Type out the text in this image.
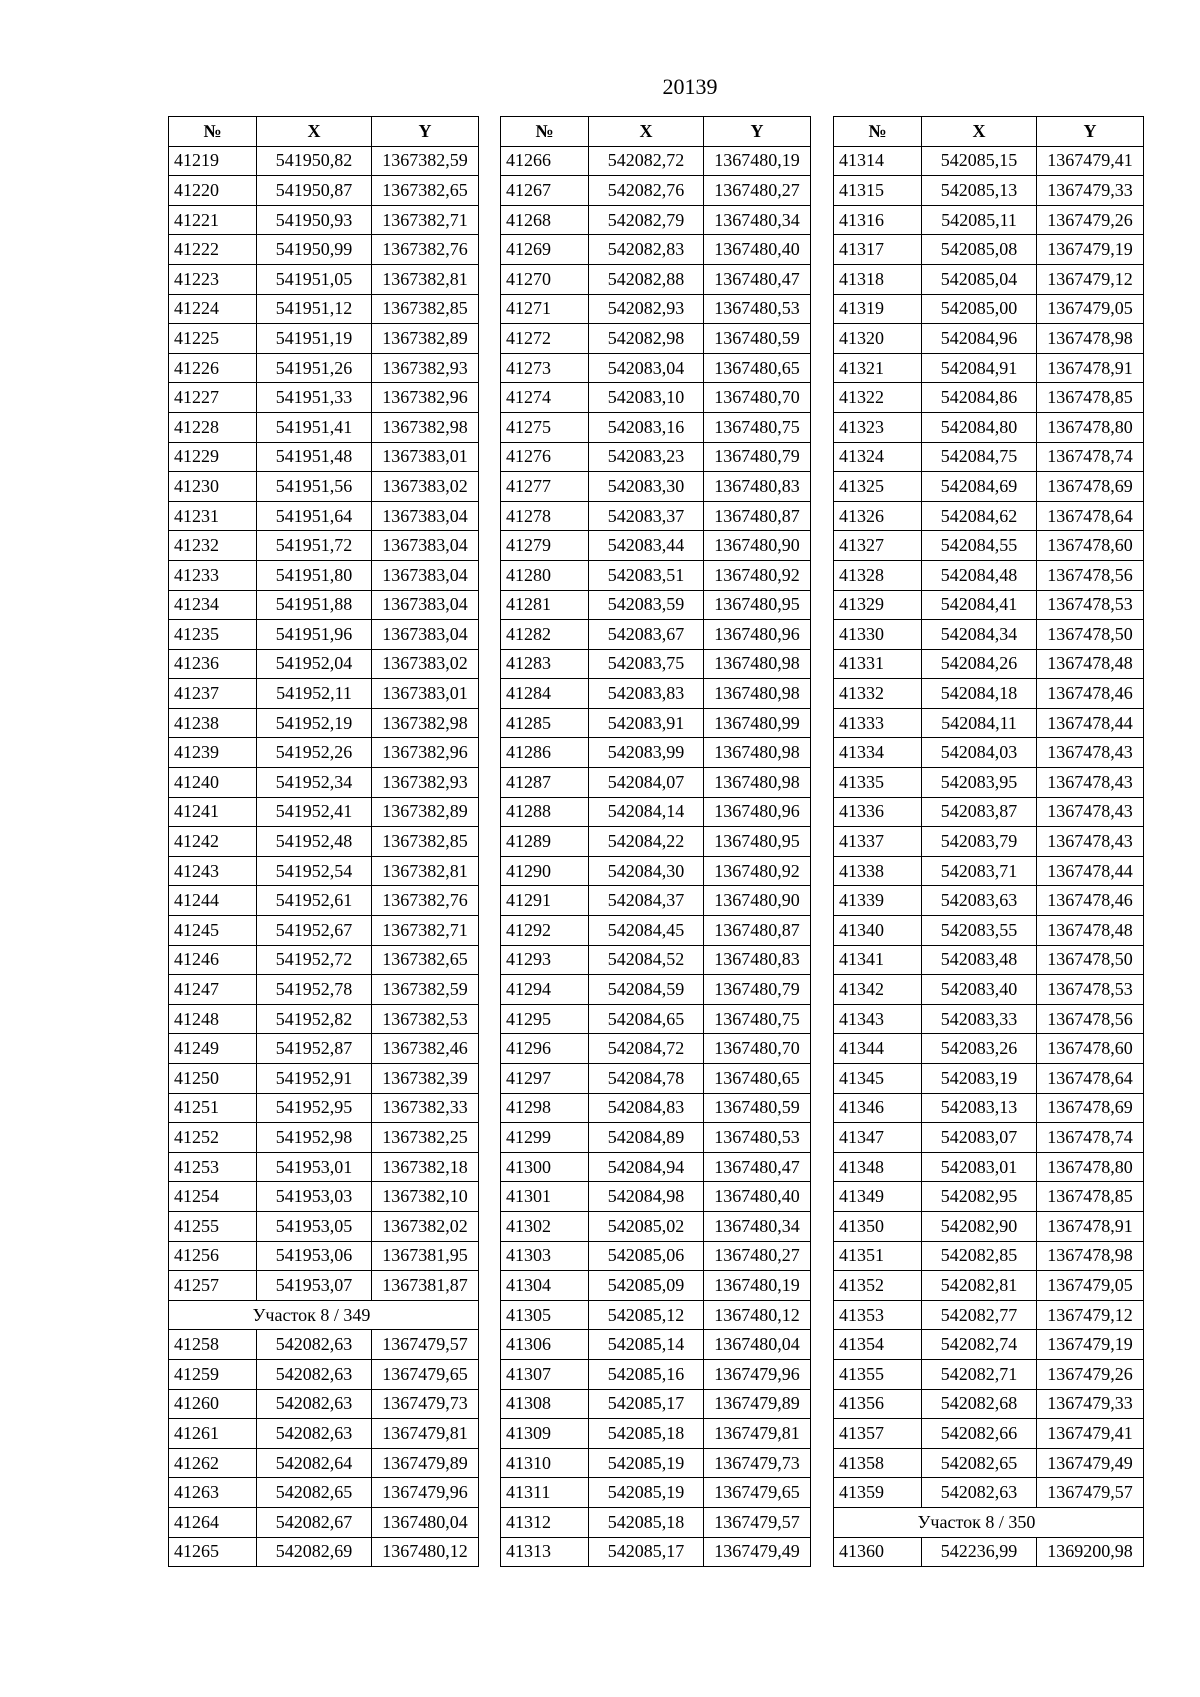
20139
№	X	Y
41219	541950,82	1367382,59
41220	541950,87	1367382,65
41221	541950,93	1367382,71
41222	541950,99	1367382,76
41223	541951,05	1367382,81
41224	541951,12	1367382,85
41225	541951,19	1367382,89
41226	541951,26	1367382,93
41227	541951,33	1367382,96
41228	541951,41	1367382,98
41229	541951,48	1367383,01
41230	541951,56	1367383,02
41231	541951,64	1367383,04
41232	541951,72	1367383,04
41233	541951,80	1367383,04
41234	541951,88	1367383,04
41235	541951,96	1367383,04
41236	541952,04	1367383,02
41237	541952,11	1367383,01
41238	541952,19	1367382,98
41239	541952,26	1367382,96
41240	541952,34	1367382,93
41241	541952,41	1367382,89
41242	541952,48	1367382,85
41243	541952,54	1367382,81
41244	541952,61	1367382,76
41245	541952,67	1367382,71
41246	541952,72	1367382,65
41247	541952,78	1367382,59
41248	541952,82	1367382,53
41249	541952,87	1367382,46
41250	541952,91	1367382,39
41251	541952,95	1367382,33
41252	541952,98	1367382,25
41253	541953,01	1367382,18
41254	541953,03	1367382,10
41255	541953,05	1367382,02
41256	541953,06	1367381,95
41257	541953,07	1367381,87
Участок 8 / 349		
41258	542082,63	1367479,57
41259	542082,63	1367479,65
41260	542082,63	1367479,73
41261	542082,63	1367479,81
41262	542082,64	1367479,89
41263	542082,65	1367479,96
41264	542082,67	1367480,04
41265	542082,69	1367480,12
№	X	Y
41266	542082,72	1367480,19
41267	542082,76	1367480,27
41268	542082,79	1367480,34
41269	542082,83	1367480,40
41270	542082,88	1367480,47
41271	542082,93	1367480,53
41272	542082,98	1367480,59
41273	542083,04	1367480,65
41274	542083,10	1367480,70
41275	542083,16	1367480,75
41276	542083,23	1367480,79
41277	542083,30	1367480,83
41278	542083,37	1367480,87
41279	542083,44	1367480,90
41280	542083,51	1367480,92
41281	542083,59	1367480,95
41282	542083,67	1367480,96
41283	542083,75	1367480,98
41284	542083,83	1367480,98
41285	542083,91	1367480,99
41286	542083,99	1367480,98
41287	542084,07	1367480,98
41288	542084,14	1367480,96
41289	542084,22	1367480,95
41290	542084,30	1367480,92
41291	542084,37	1367480,90
41292	542084,45	1367480,87
41293	542084,52	1367480,83
41294	542084,59	1367480,79
41295	542084,65	1367480,75
41296	542084,72	1367480,70
41297	542084,78	1367480,65
41298	542084,83	1367480,59
41299	542084,89	1367480,53
41300	542084,94	1367480,47
41301	542084,98	1367480,40
41302	542085,02	1367480,34
41303	542085,06	1367480,27
41304	542085,09	1367480,19
41305	542085,12	1367480,12
41306	542085,14	1367480,04
41307	542085,16	1367479,96
41308	542085,17	1367479,89
41309	542085,18	1367479,81
41310	542085,19	1367479,73
41311	542085,19	1367479,65
41312	542085,18	1367479,57
41313	542085,17	1367479,49
№	X	Y
41314	542085,15	1367479,41
41315	542085,13	1367479,33
41316	542085,11	1367479,26
41317	542085,08	1367479,19
41318	542085,04	1367479,12
41319	542085,00	1367479,05
41320	542084,96	1367478,98
41321	542084,91	1367478,91
41322	542084,86	1367478,85
41323	542084,80	1367478,80
41324	542084,75	1367478,74
41325	542084,69	1367478,69
41326	542084,62	1367478,64
41327	542084,55	1367478,60
41328	542084,48	1367478,56
41329	542084,41	1367478,53
41330	542084,34	1367478,50
41331	542084,26	1367478,48
41332	542084,18	1367478,46
41333	542084,11	1367478,44
41334	542084,03	1367478,43
41335	542083,95	1367478,43
41336	542083,87	1367478,43
41337	542083,79	1367478,43
41338	542083,71	1367478,44
41339	542083,63	1367478,46
41340	542083,55	1367478,48
41341	542083,48	1367478,50
41342	542083,40	1367478,53
41343	542083,33	1367478,56
41344	542083,26	1367478,60
41345	542083,19	1367478,64
41346	542083,13	1367478,69
41347	542083,07	1367478,74
41348	542083,01	1367478,80
41349	542082,95	1367478,85
41350	542082,90	1367478,91
41351	542082,85	1367478,98
41352	542082,81	1367479,05
41353	542082,77	1367479,12
41354	542082,74	1367479,19
41355	542082,71	1367479,26
41356	542082,68	1367479,33
41357	542082,66	1367479,41
41358	542082,65	1367479,49
41359	542082,63	1367479,57
Участок 8 / 350		
41360	542236,99	1369200,98
